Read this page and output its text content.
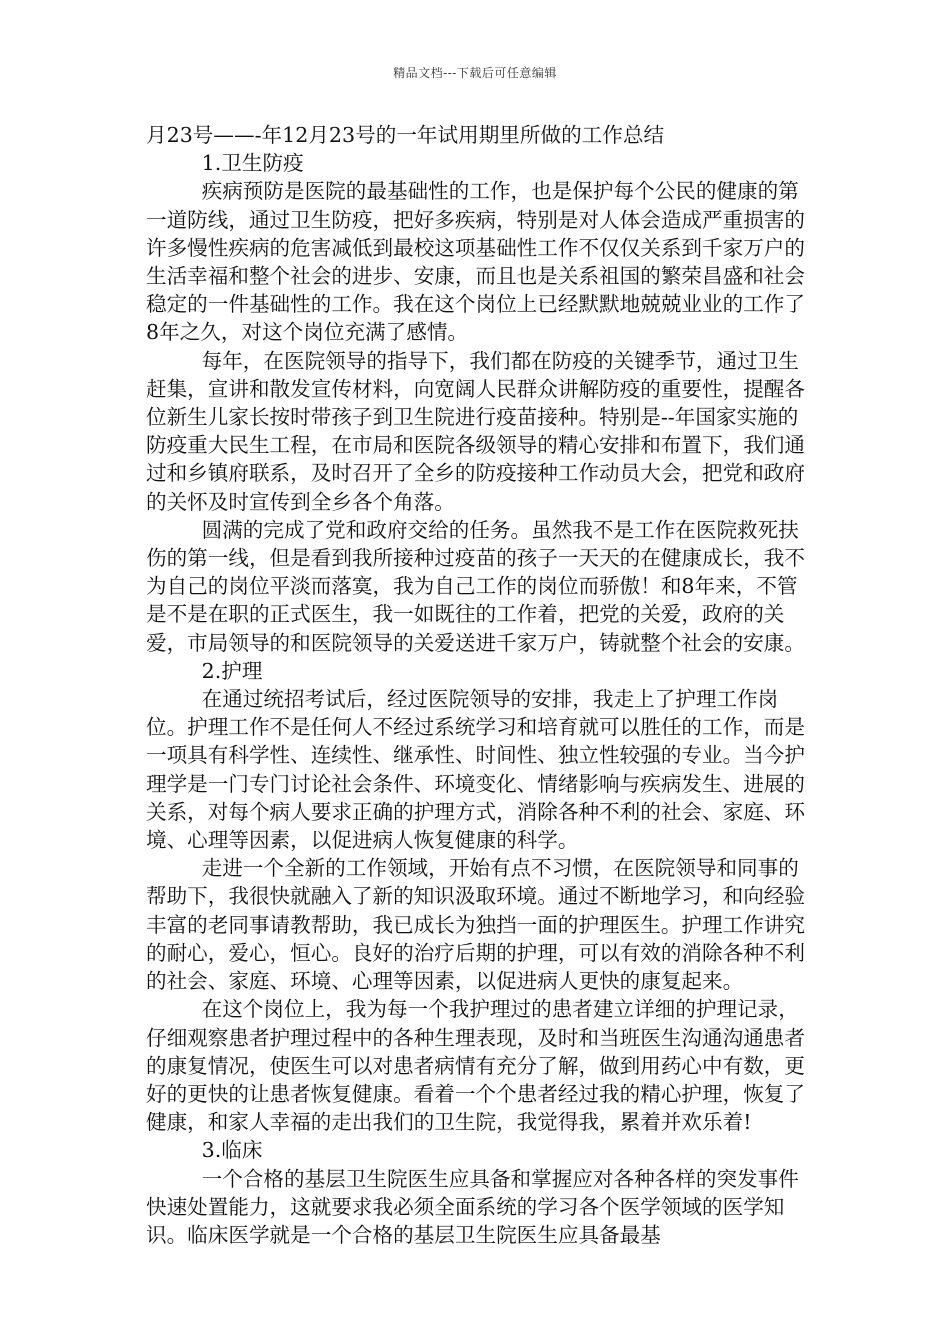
精品文档---下载后可任意编辑

月23号——-年12月23号的一年试用期里所做的工作总结

1.卫生防疫

疾病预防是医院的最基础性的工作，也是保护每个公民的健康的第一道防线，通过卫生防疫，把好多疾病，特别是对人体会造成严重损害的许多慢性疾病的危害减低到最校这项基础性工作不仅仅关系到千家万户的生活幸福和整个社会的进步、安康，而且也是关系祖国的繁荣昌盛和社会稳定的一件基础性的工作。我在这个岗位上已经默默地兢兢业业的工作了8年之久，对这个岗位充满了感情。

每年，在医院领导的指导下，我们都在防疫的关键季节，通过卫生赶集，宣讲和散发宣传材料，向宽阔人民群众讲解防疫的重要性，提醒各位新生儿家长按时带孩子到卫生院进行疫苗接种。特别是--年国家实施的防疫重大民生工程，在市局和医院各级领导的精心安排和布置下，我们通过和乡镇府联系，及时召开了全乡的防疫接种工作动员大会，把党和政府的关怀及时宣传到全乡各个角落。

圆满的完成了党和政府交给的任务。虽然我不是工作在医院救死扶伤的第一线，但是看到我所接种过疫苗的孩子一天天的在健康成长，我不为自己的岗位平淡而落寞，我为自己工作的岗位而骄傲！和8年来，不管是不是在职的正式医生，我一如既往的工作着，把党的关爱，政府的关爱，市局领导的和医院领导的关爱送进千家万户，铸就整个社会的安康。

2.护理

在通过统招考试后，经过医院领导的安排，我走上了护理工作岗位。护理工作不是任何人不经过系统学习和培育就可以胜任的工作，而是一项具有科学性、连续性、继承性、时间性、独立性较强的专业。当今护理学是一门专门讨论社会条件、环境变化、情绪影响与疾病发生、进展的关系，对每个病人要求正确的护理方式，消除各种不利的社会、家庭、环境、心理等因素，以促进病人恢复健康的科学。

走进一个全新的工作领域，开始有点不习惯，在医院领导和同事的帮助下，我很快就融入了新的知识汲取环境。通过不断地学习，和向经验丰富的老同事请教帮助，我已成长为独挡一面的护理医生。护理工作讲究的耐心，爱心，恒心。良好的治疗后期的护理，可以有效的消除各种不利的社会、家庭、环境、心理等因素，以促进病人更快的康复起来。

在这个岗位上，我为每一个我护理过的患者建立详细的护理记录，仔细观察患者护理过程中的各种生理表现，及时和当班医生沟通沟通患者的康复情况，使医生可以对患者病情有充分了解，做到用药心中有数，更好的更快的让患者恢复健康。看着一个个患者经过我的精心护理，恢复了健康，和家人幸福的走出我们的卫生院，我觉得我，累着并欢乐着!

3.临床

一个合格的基层卫生院医生应具备和掌握应对各种各样的突发事件快速处置能力，这就要求我必须全面系统的学习各个医学领域的医学知识。临床医学就是一个合格的基层卫生院医生应具备最基
